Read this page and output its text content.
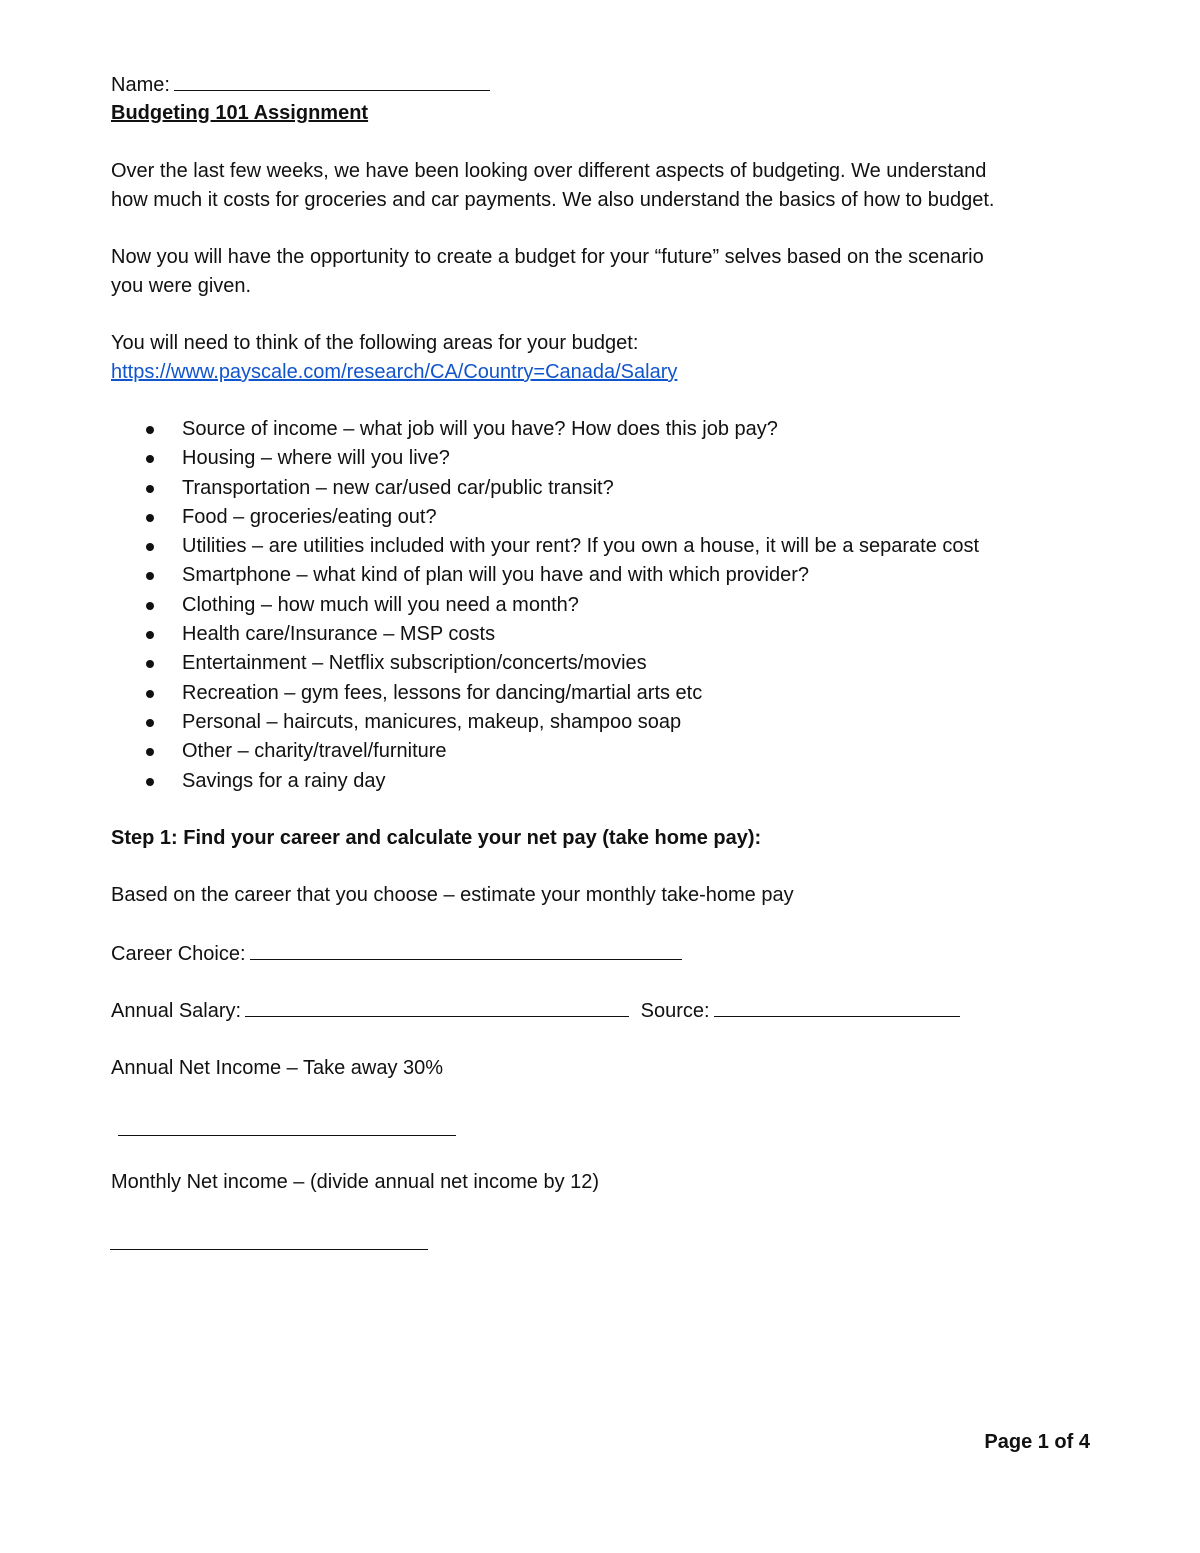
Name:
Budgeting 101 Assignment
Over the last few weeks, we have been looking over different aspects of budgeting. We understand
how much it costs for groceries and car payments. We also understand the basics of how to budget.
Now you will have the opportunity to create a budget for your “future” selves based on the scenario
you were given.
You will need to think of the following areas for your budget:
https://www.payscale.com/research/CA/Country=Canada/Salary
Source of income – what job will you have? How does this job pay?
Housing – where will you live?
Transportation – new car/used car/public transit?
Food – groceries/eating out?
Utilities – are utilities included with your rent? If you own a house, it will be a separate cost
Smartphone – what kind of plan will you have and with which provider?
Clothing – how much will you need a month?
Health care/Insurance – MSP costs
Entertainment – Netflix subscription/concerts/movies
Recreation – gym fees, lessons for dancing/martial arts etc
Personal – haircuts, manicures, makeup, shampoo soap
Other – charity/travel/furniture
Savings for a rainy day
Step 1: Find your career and calculate your net pay (take home pay):
Based on the career that you choose – estimate your monthly take-home pay
Career Choice:
Annual Salary:	Source:
Annual Net Income – Take away 30%
Monthly Net income – (divide annual net income by 12)
Page 1 of 4
